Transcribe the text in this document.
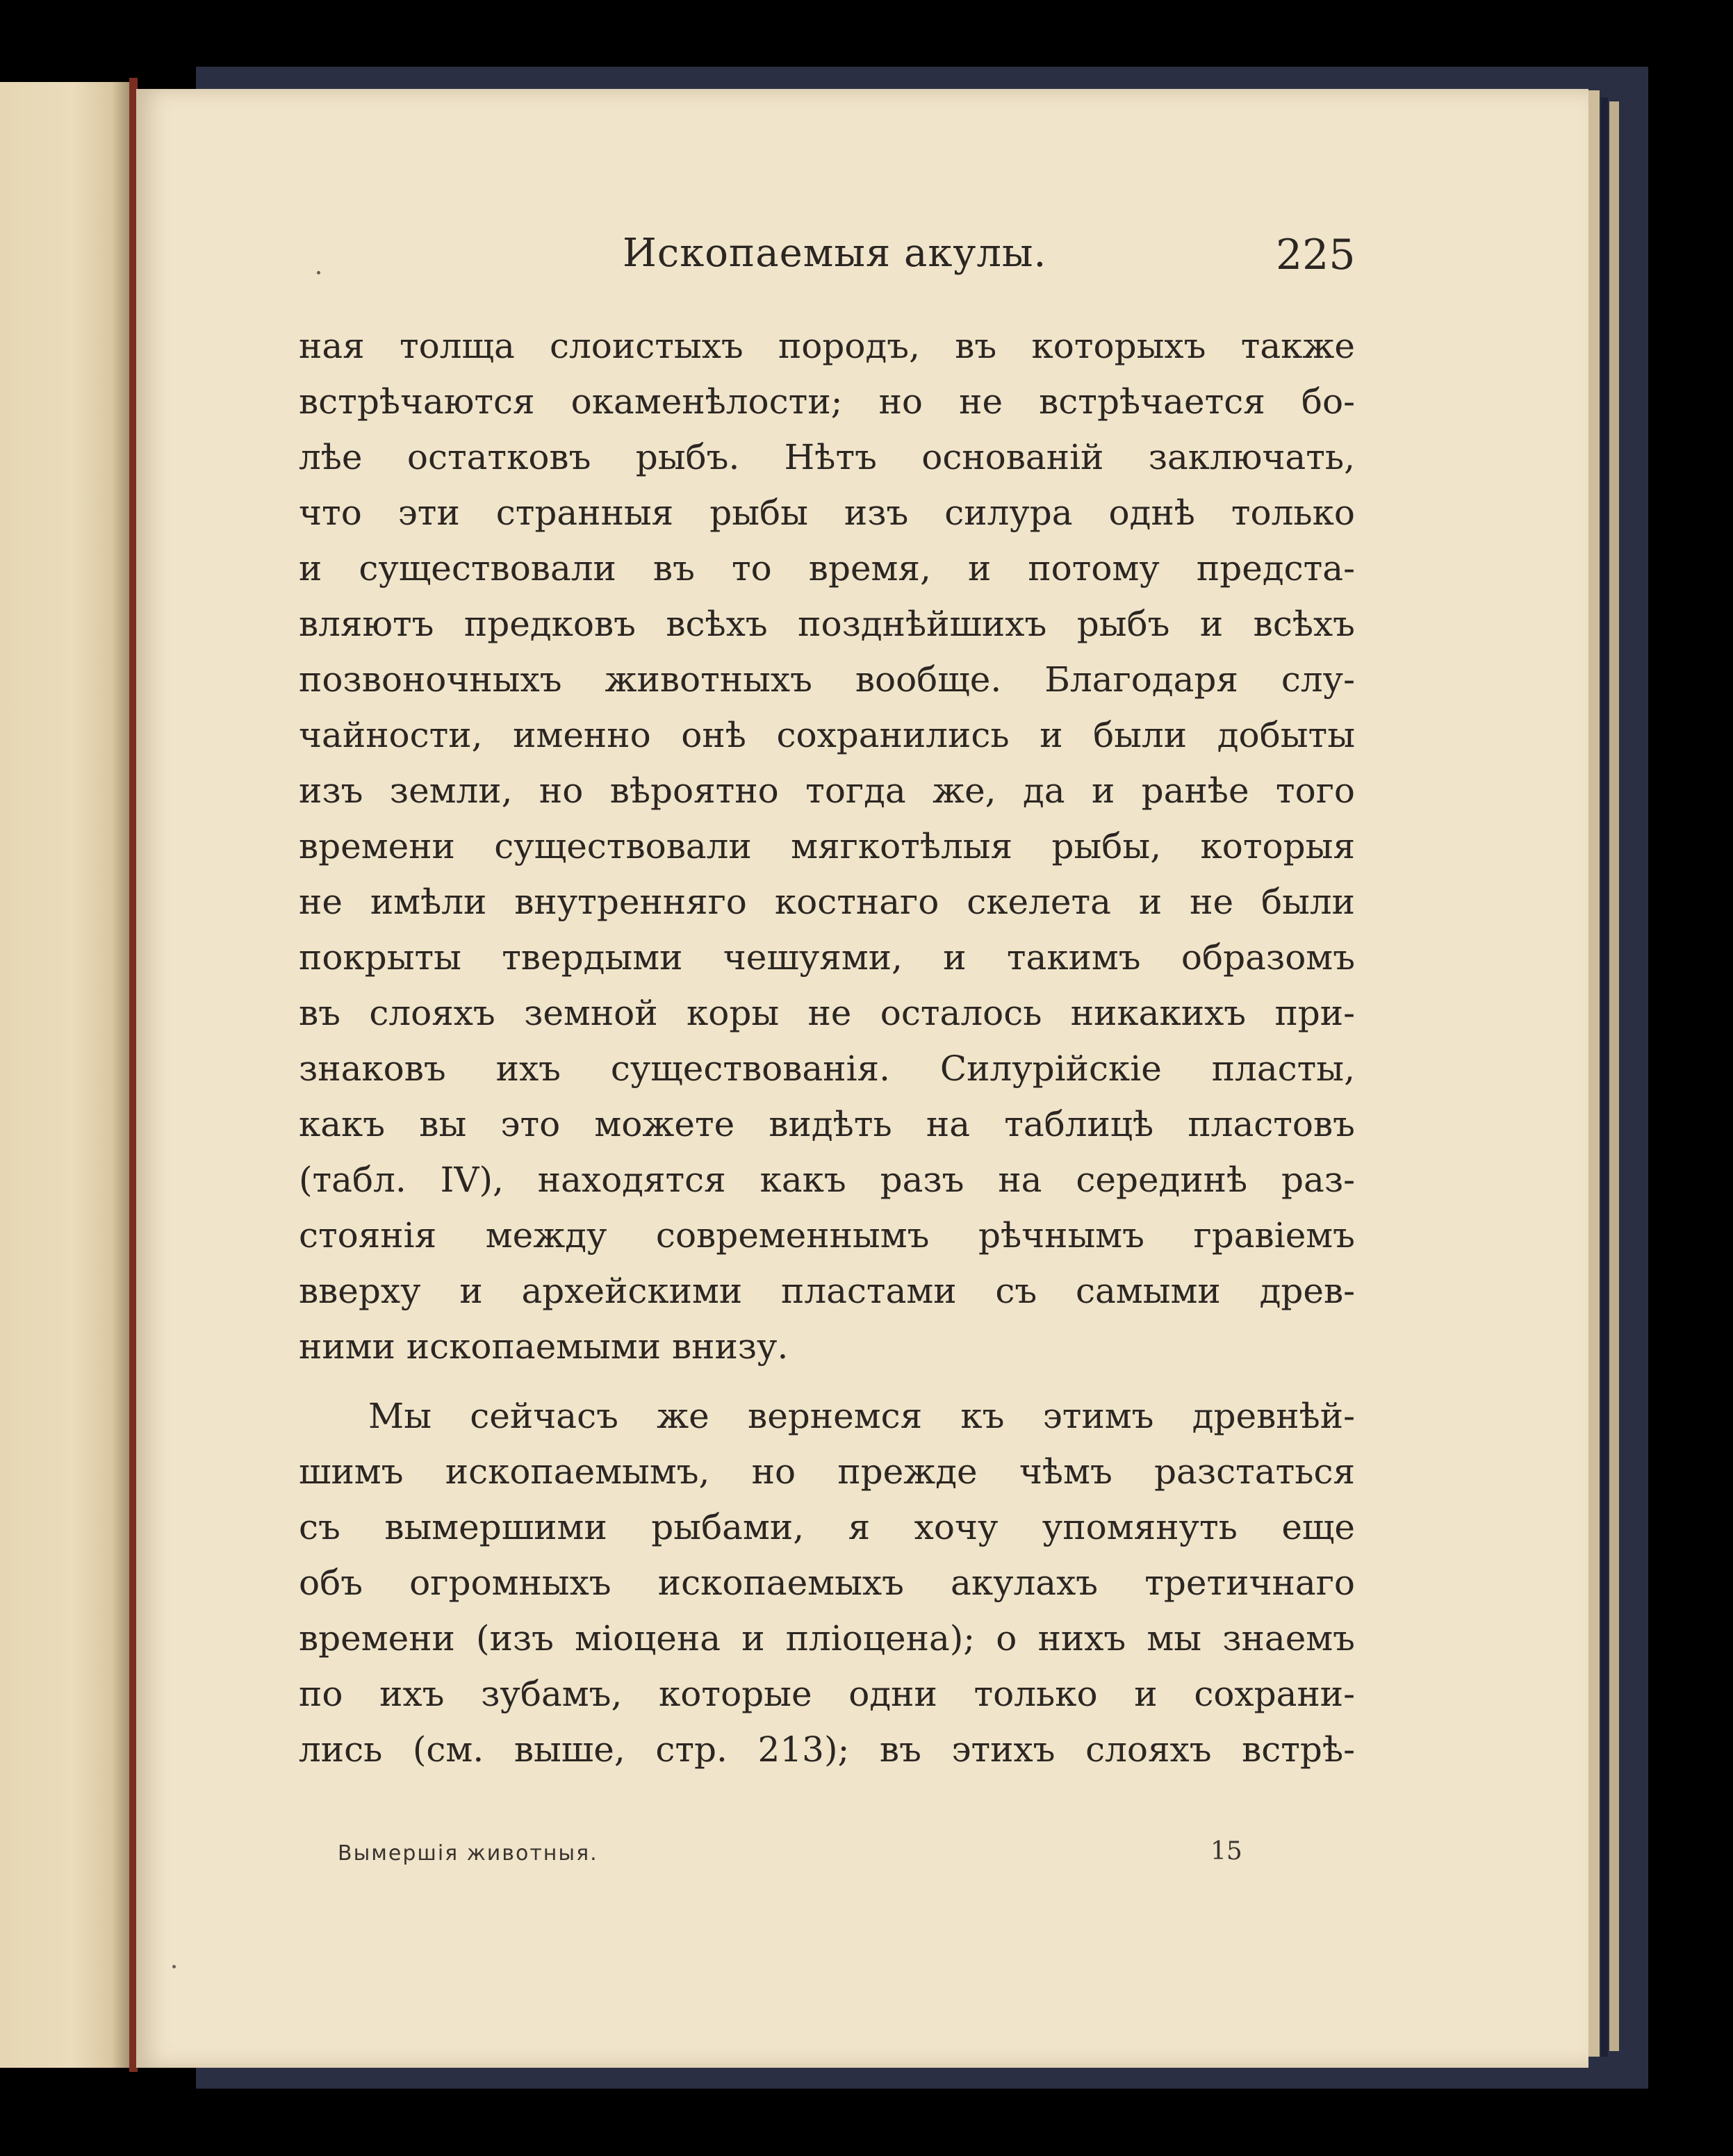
Ископаемыя акулы.	225
ная толща слоистыхъ породъ, въ которыхъ также
встрѣчаются окаменѣлости; но не встрѣчается бо-
лѣе остатковъ рыбъ. Нѣтъ основаній заключать,
что эти странныя рыбы изъ силура однѣ только
и существовали въ то время, и потому предста-
вляютъ предковъ всѣхъ позднѣйшихъ рыбъ и всѣхъ
позвоночныхъ животныхъ вообще. Благодаря слу-
чайности, именно онѣ сохранились и были добыты
изъ земли, но вѣроятно тогда же, да и ранѣе того
времени существовали мягкотѣлыя рыбы, которыя
не имѣли внутренняго костнаго скелета и не были
покрыты твердыми чешуями, и такимъ образомъ
въ слояхъ земной коры не осталось никакихъ при-
знаковъ ихъ существованія. Силурійскіе пласты,
какъ вы это можете видѣть на таблицѣ пластовъ
(табл. IV), находятся какъ разъ на серединѣ раз-
стоянія между современнымъ рѣчнымъ гравіемъ
вверху и архейскими пластами съ самыми древ-
ними ископаемыми внизу.
Мы сейчасъ же вернемся къ этимъ древнѣй-
шимъ ископаемымъ, но прежде чѣмъ разстаться
съ вымершими рыбами, я хочу упомянуть еще
объ огромныхъ ископаемыхъ акулахъ третичнаго
времени (изъ міоцена и пліоцена); о нихъ мы знаемъ
по ихъ зубамъ, которые одни только и сохрани-
лись (см. выше, стр. 213); въ этихъ слояхъ встрѣ-
Вымершія животныя.	15
